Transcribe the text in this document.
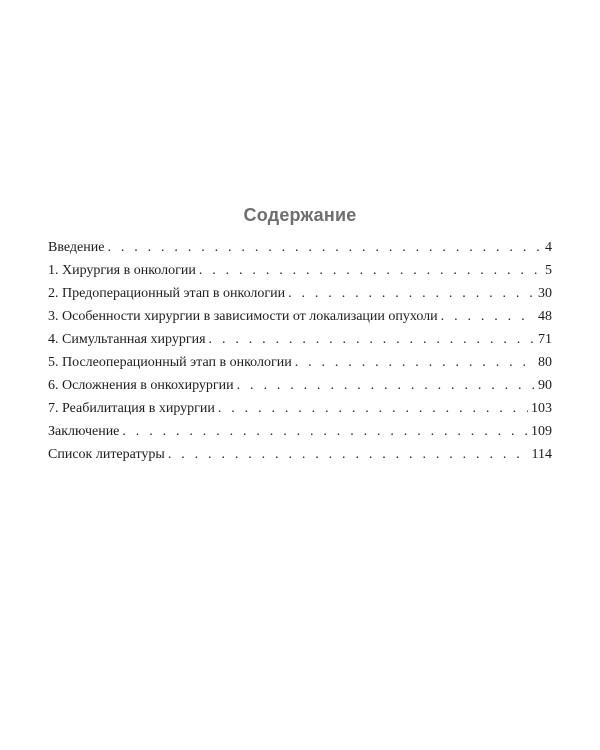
Содержание
Введение . . .	4
1. Хирургия в онкологии . . .	5
2. Предоперационный этап в онкологии . . .	30
3. Особенности хирургии в зависимости от локализации опухоли . . .	48
4. Симультанная хирургия . . .	71
5. Послеоперационный этап в онкологии . . .	80
6. Осложнения в онкохирургии . . .	90
7. Реабилитация в хирургии . . .	103
Заключение . . .	109
Список литературы . . .	114
